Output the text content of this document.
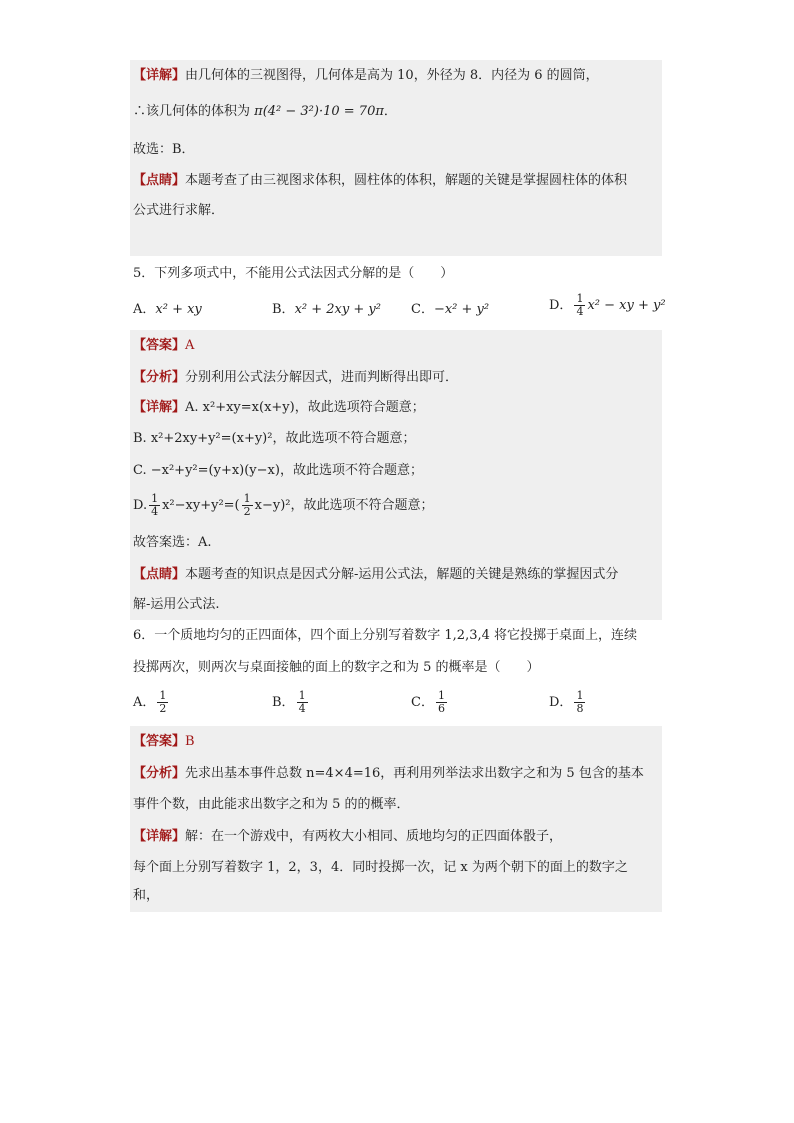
【详解】由几何体的三视图得，几何体是高为 10，外径为 8．内径为 6 的圆筒，
∴该几何体的体积为 π(4² − 3²)·10 = 70π．
故选：B．
【点睛】本题考查了由三视图求体积，圆柱体的体积，解题的关键是掌握圆柱体的体积
公式进行求解．
5．下列多项式中，不能用公式法因式分解的是（　　）
A．x² + xy	B．x² + 2xy + y² C．−x² + y²	D． $\frac{1}{4} x^2$ − xy + y²
【答案】A
【分析】分别利用公式法分解因式，进而判断得出即可．
【详解】A. x²+xy=x(x+y)，故此选项符合题意；
B. x²+2xy+y²=(x+y)²，故此选项不符合题意；
C. −x²+y²=(y+x)(y−x)，故此选项不符合题意；
D. $\frac{1}{4} x^2-xy+y^2=( \frac{1}{2} x-y)^2$，故此选项不符合题意；
故答案选：A.
【点睛】本题考查的知识点是因式分解-运用公式法，解题的关键是熟练的掌握因式分
解-运用公式法.
6．一个质地均匀的正四面体，四个面上分别写着数字 1,2,3,4 将它投掷于桌面上，连续
投掷两次，则两次与桌面接触的面上的数字之和为 5 的概率是（　　）
A． $\frac{1}{2}$	B． $\frac{1}{4}$	C． $\frac{1}{6}$	D． $\frac{1}{8}$
【答案】B
【分析】先求出基本事件总数 n=4×4=16，再利用列举法求出数字之和为 5 包含的基本
事件个数，由此能求出数字之和为 5 的的概率．
【详解】解：在一个游戏中，有两枚大小相同、质地均匀的正四面体骰子，
每个面上分别写着数字 1，2，3，4．同时投掷一次，记 x 为两个朝下的面上的数字之
和，
